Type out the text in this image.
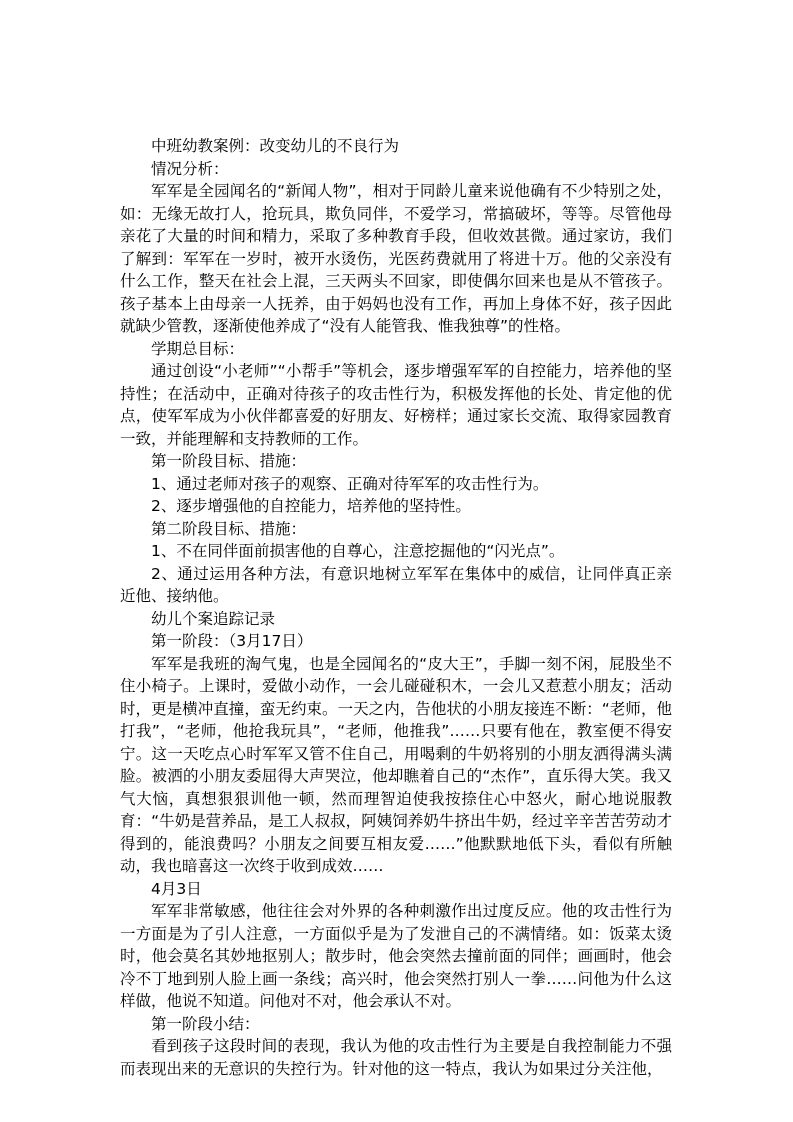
中班幼教案例：改变幼儿的不良行为

情况分析：

军军是全园闻名的“新闻人物”，相对于同龄儿童来说他确有不少特别之处，如：无缘无故打人，抢玩具，欺负同伴，不爱学习，常搞破坏，等等。尽管他母亲花了大量的时间和精力，采取了多种教育手段，但收效甚微。通过家访，我们了解到：军军在一岁时，被开水烫伤，光医药费就用了将进十万。他的父亲没有什么工作，整天在社会上混，三天两头不回家，即使偶尔回来也是从不管孩子。孩子基本上由母亲一人抚养，由于妈妈也没有工作，再加上身体不好，孩子因此就缺少管教，逐渐使他养成了“没有人能管我、惟我独尊”的性格。

学期总目标：

通过创设“小老师”“小帮手”等机会，逐步增强军军的自控能力，培养他的坚持性；在活动中，正确对待孩子的攻击性行为，积极发挥他的长处、肯定他的优点，使军军成为小伙伴都喜爱的好朋友、好榜样；通过家长交流、取得家园教育一致，并能理解和支持教师的工作。

第一阶段目标、措施：

1、通过老师对孩子的观察、正确对待军军的攻击性行为。

2、逐步增强他的自控能力，培养他的坚持性。

第二阶段目标、措施：

1、不在同伴面前损害他的自尊心，注意挖掘他的“闪光点”。

2、通过运用各种方法，有意识地树立军军在集体中的威信，让同伴真正亲近他、接纳他。

幼儿个案追踪记录

第一阶段：（3月17日）

军军是我班的淘气鬼，也是全园闻名的“皮大王”，手脚一刻不闲，屁股坐不住小椅子。上课时，爱做小动作，一会儿碰碰积木，一会儿又惹惹小朋友；活动时，更是横冲直撞，蛮无约束。一天之内，告他状的小朋友接连不断：“老师，他打我”，“老师，他抢我玩具”，“老师，他推我”……只要有他在，教室便不得安宁。这一天吃点心时军军又管不住自己，用喝剩的牛奶将别的小朋友洒得满头满脸。被洒的小朋友委屈得大声哭泣，他却瞧着自己的“杰作”，直乐得大笑。我又气大恼，真想狠狠训他一顿，然而理智迫使我按捺住心中怒火，耐心地说服教育：“牛奶是营养品，是工人叔叔，阿姨饲养奶牛挤出牛奶，经过辛辛苦苦劳动才得到的，能浪费吗？小朋友之间要互相友爱……”他默默地低下头，看似有所触动，我也暗喜这一次终于收到成效……

4月3日

军军非常敏感，他往往会对外界的各种刺激作出过度反应。他的攻击性行为一方面是为了引人注意，一方面似乎是为了发泄自己的不满情绪。如：饭菜太烫时，他会莫名其妙地抠别人；散步时，他会突然去撞前面的同伴；画画时，他会冷不丁地到别人脸上画一条线；高兴时，他会突然打别人一拳……问他为什么这样做，他说不知道。问他对不对，他会承认不对。

第一阶段小结：

看到孩子这段时间的表现，我认为他的攻击性行为主要是自我控制能力不强而表现出来的无意识的失控行为。针对他的这一特点，我认为如果过分关注他，
